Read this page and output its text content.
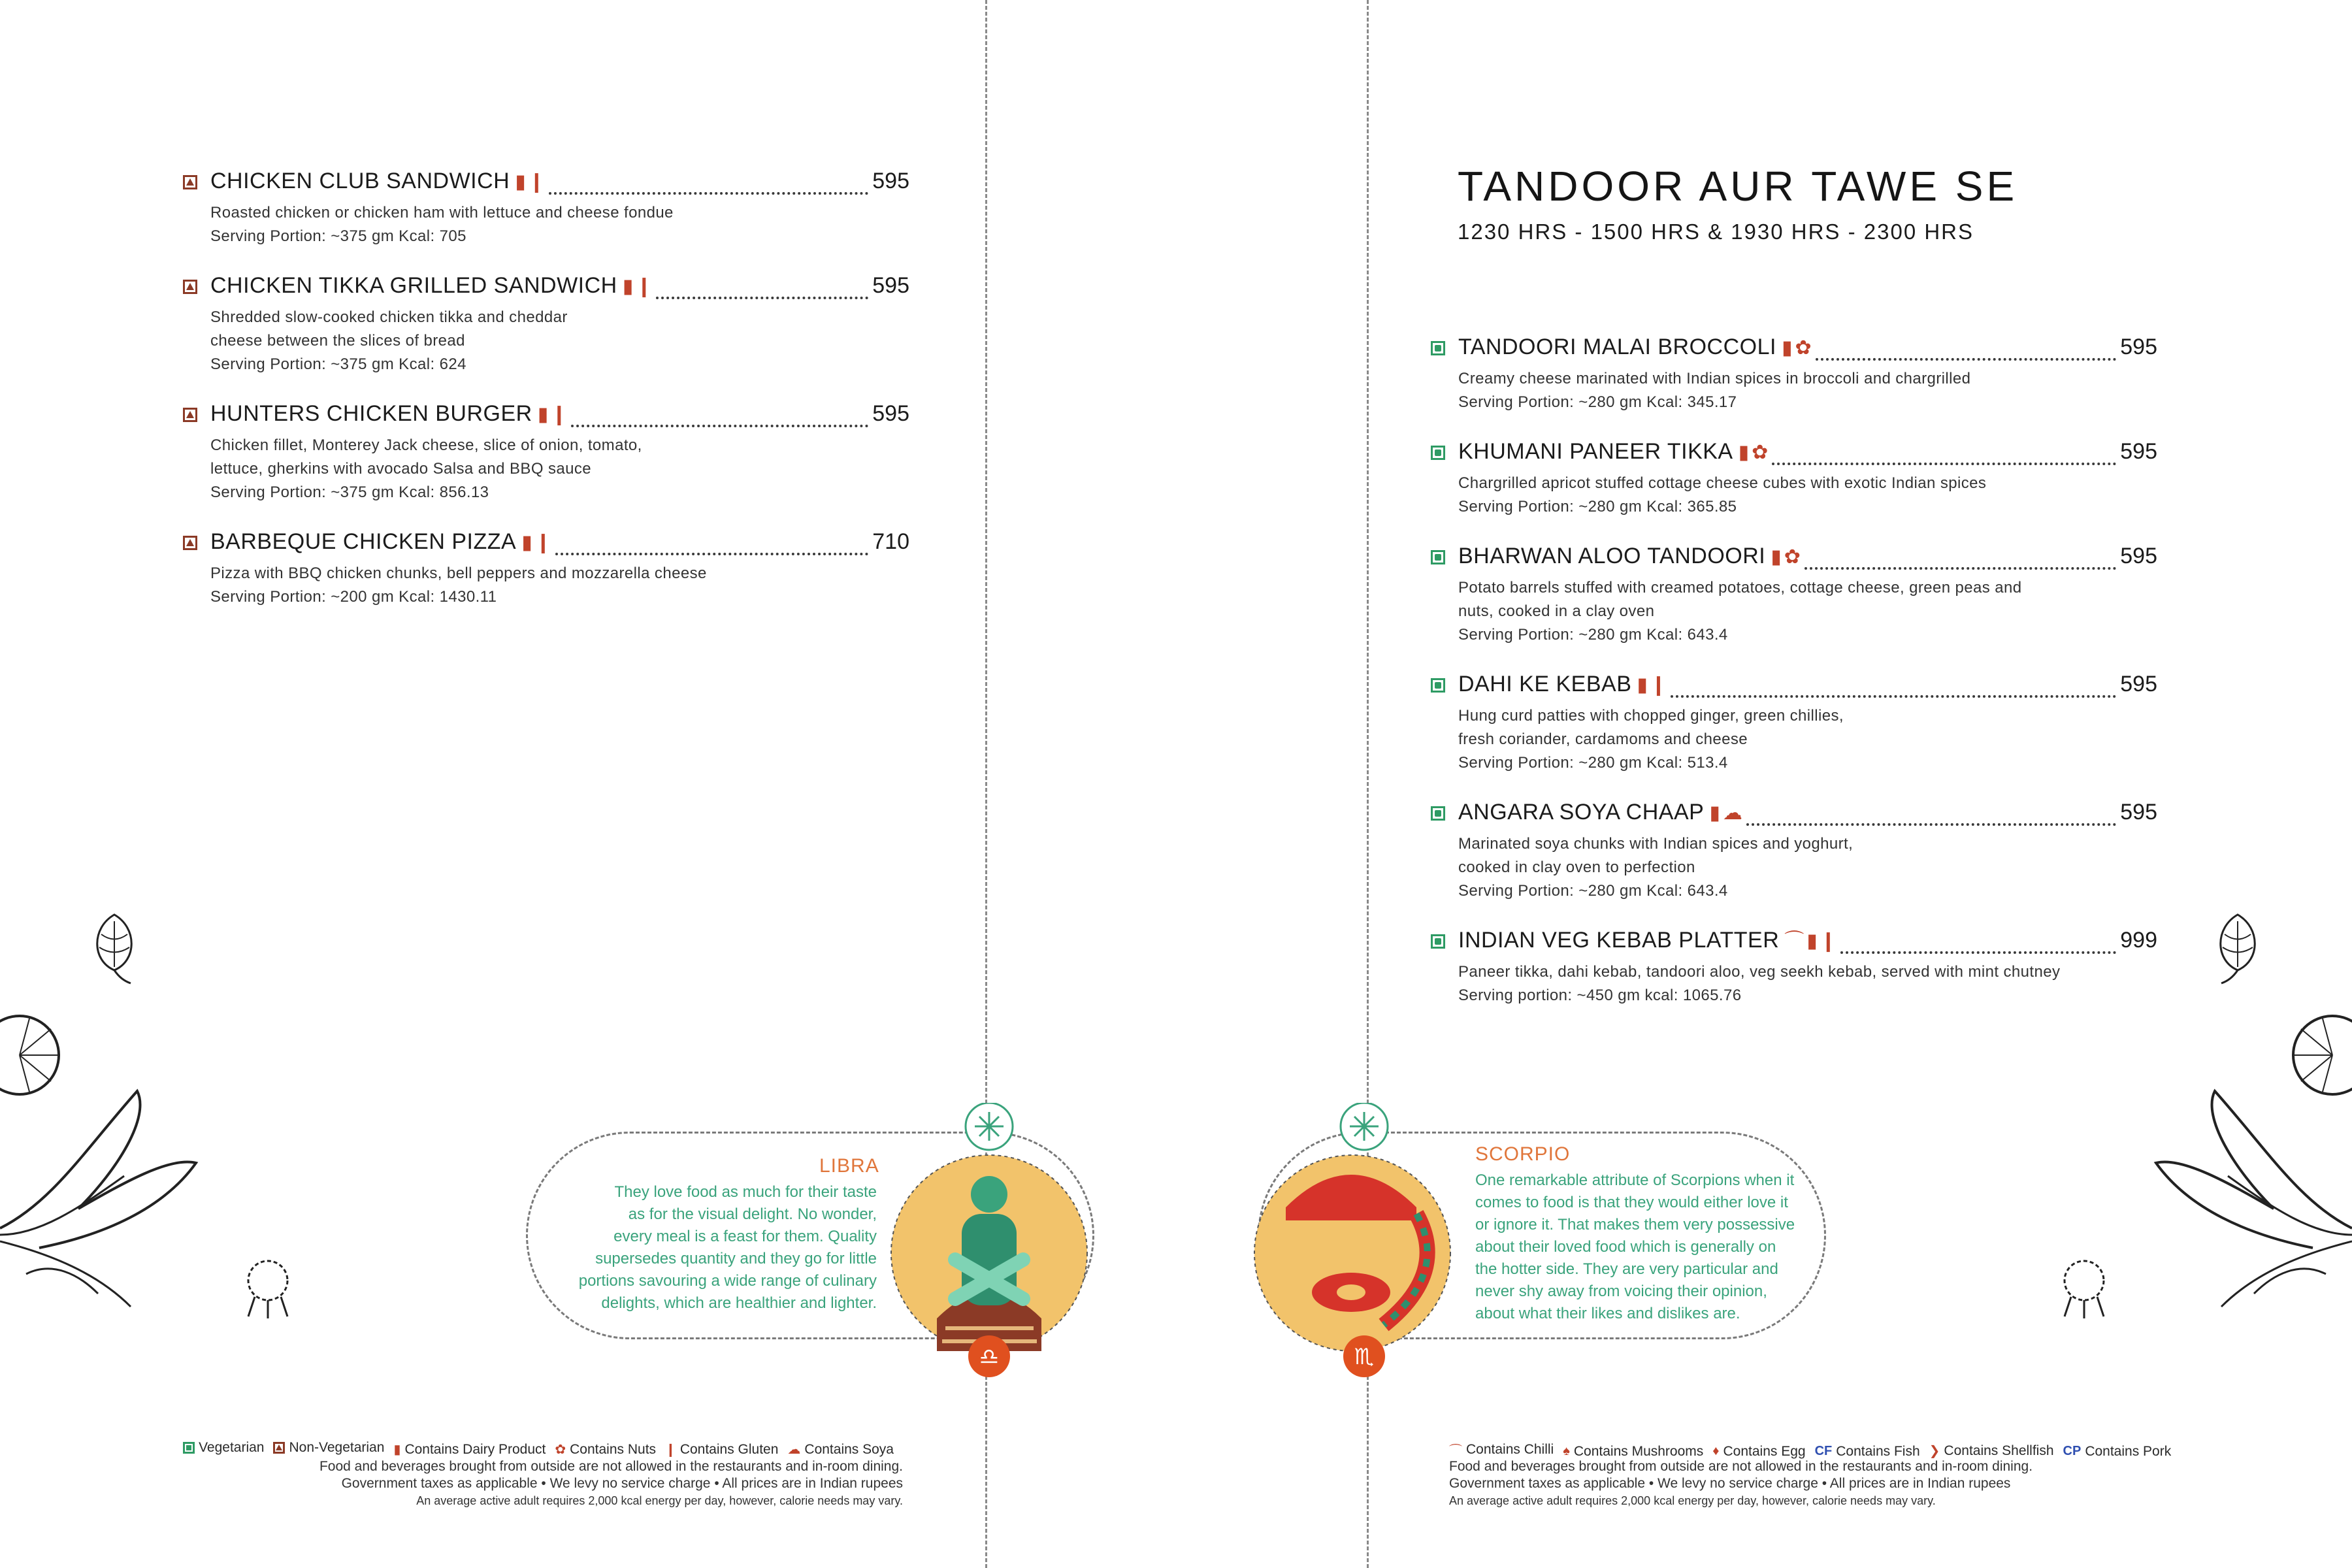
CHICKEN CLUB SANDWICH ▮ ❙	595
Roasted chicken or chicken ham with lettuce and cheese fondue
Serving Portion: ~375 gm Kcal: 705
CHICKEN TIKKA GRILLED SANDWICH ▮ ❙	595
Shredded slow-cooked chicken tikka and cheddar
cheese between the slices of bread
Serving Portion: ~375 gm Kcal: 624
HUNTERS CHICKEN BURGER ▮ ❙	595
Chicken fillet, Monterey Jack cheese, slice of onion, tomato,
lettuce, gherkins with avocado Salsa and BBQ sauce
Serving Portion: ~375 gm Kcal: 856.13
BARBEQUE CHICKEN PIZZA ▮ ❙	710
Pizza with BBQ chicken chunks, bell peppers and mozzarella cheese
Serving Portion: ~200 gm Kcal: 1430.11
TANDOOR AUR TAWE SE
1230 HRS - 1500 HRS & 1930 HRS - 2300 HRS
TANDOORI MALAI BROCCOLI ▮ ✿	595
Creamy cheese marinated with Indian spices in broccoli and chargrilled
Serving Portion: ~280 gm Kcal: 345.17
KHUMANI PANEER TIKKA ▮ ✿	595
Chargrilled apricot stuffed cottage cheese cubes with exotic Indian spices
Serving Portion: ~280 gm Kcal: 365.85
BHARWAN ALOO TANDOORI ▮ ✿	595
Potato barrels stuffed with creamed potatoes, cottage cheese, green peas and
nuts, cooked in a clay oven
Serving Portion: ~280 gm Kcal: 643.4
DAHI KE KEBAB ▮ ❙	595
Hung curd patties with chopped ginger, green chillies,
fresh coriander, cardamoms and cheese
Serving Portion: ~280 gm Kcal: 513.4
ANGARA SOYA CHAAP ▮ ☁	595
Marinated soya chunks with Indian spices and yoghurt,
cooked in clay oven to perfection
Serving Portion: ~280 gm Kcal: 643.4
INDIAN VEG KEBAB PLATTER ⌒ ▮ ❙	999
Paneer tikka, dahi kebab, tandoori aloo, veg seekh kebab, served with mint chutney
Serving portion: ~450 gm kcal: 1065.76
LIBRA
They love food as much for their taste
as for the visual delight. No wonder,
every meal is a feast for them. Quality
supersedes quantity and they go for little
portions savouring a wide range of culinary
delights, which are healthier and lighter.
♎
SCORPIO
One remarkable attribute of Scorpions when it
comes to food is that they would either love it
or ignore it. That makes them very possessive
about their loved food which is generally on
the hotter side. They are very particular and
never shy away from voicing their opinion,
about what their likes and dislikes are.
♏
Vegetarian Non-Vegetarian ▮ Contains Dairy Product ✿ Contains Nuts ❙ Contains Gluten ☁ Contains Soya
Food and beverages brought from outside are not allowed in the restaurants and in-room dining.
Government taxes as applicable • We levy no service charge • All prices are in Indian rupees
An average active adult requires 2,000 kcal energy per day, however, calorie needs may vary.
⌒ Contains Chilli ♠ Contains Mushrooms ♦ Contains Egg CF Contains Fish ❯ Contains Shellfish CP Contains Pork
Food and beverages brought from outside are not allowed in the restaurants and in-room dining.
Government taxes as applicable • We levy no service charge • All prices are in Indian rupees
An average active adult requires 2,000 kcal energy per day, however, calorie needs may vary.
